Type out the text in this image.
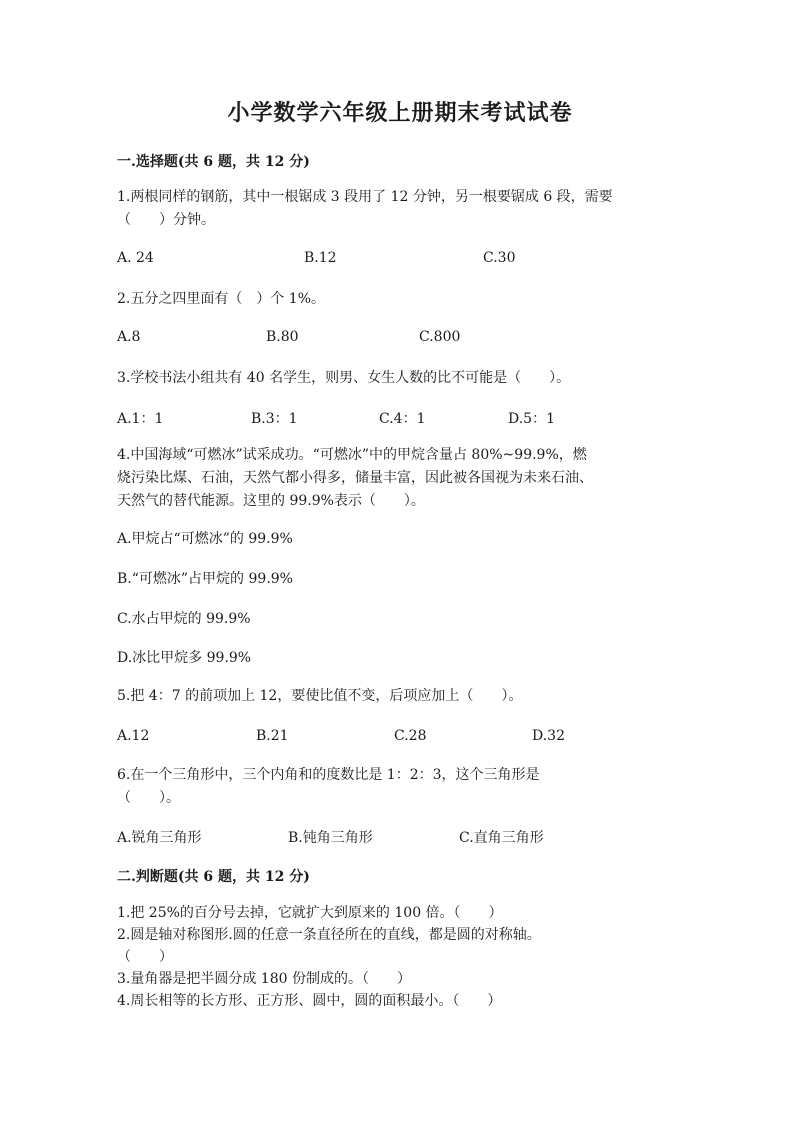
小学数学六年级上册期末考试试卷
一.选择题(共 6 题，共 12 分)
1.两根同样的钢筋，其中一根锯成 3 段用了 12 分钟，另一根要锯成 6 段，需要
（　　）分钟。
A. 24	B.12	C.30
2.五分之四里面有（　）个 1%。
A.8	B.80	C.800
3.学校书法小组共有 40 名学生，则男、女生人数的比不可能是（　　）。
A.1：1	B.3：1	C.4：1	D.5：1
4.中国海域“可燃冰”试采成功。“可燃冰”中的甲烷含量占 80%~99.9%，燃
烧污染比煤、石油，天然气都小得多，储量丰富，因此被各国视为未来石油、
天然气的替代能源。这里的 99.9%表示（　　）。
A.甲烷占“可燃冰”的 99.9%
B.“可燃冰”占甲烷的 99.9%
C.水占甲烷的 99.9%
D.冰比甲烷多 99.9%
5.把 4：7 的前项加上 12，要使比值不变，后项应加上（　　）。
A.12	B.21	C.28	D.32
6.在一个三角形中，三个内角和的度数比是 1：2：3，这个三角形是
（　　）。
A.锐角三角形	B.钝角三角形	C.直角三角形
二.判断题(共 6 题，共 12 分)
1.把 25%的百分号去掉，它就扩大到原来的 100 倍。（　　）
2.圆是轴对称图形.圆的任意一条直径所在的直线，都是圆的对称轴。
（　　）
3.量角器是把半圆分成 180 份制成的。（　　）
4.周长相等的长方形、正方形、圆中，圆的面积最小。（　　）
